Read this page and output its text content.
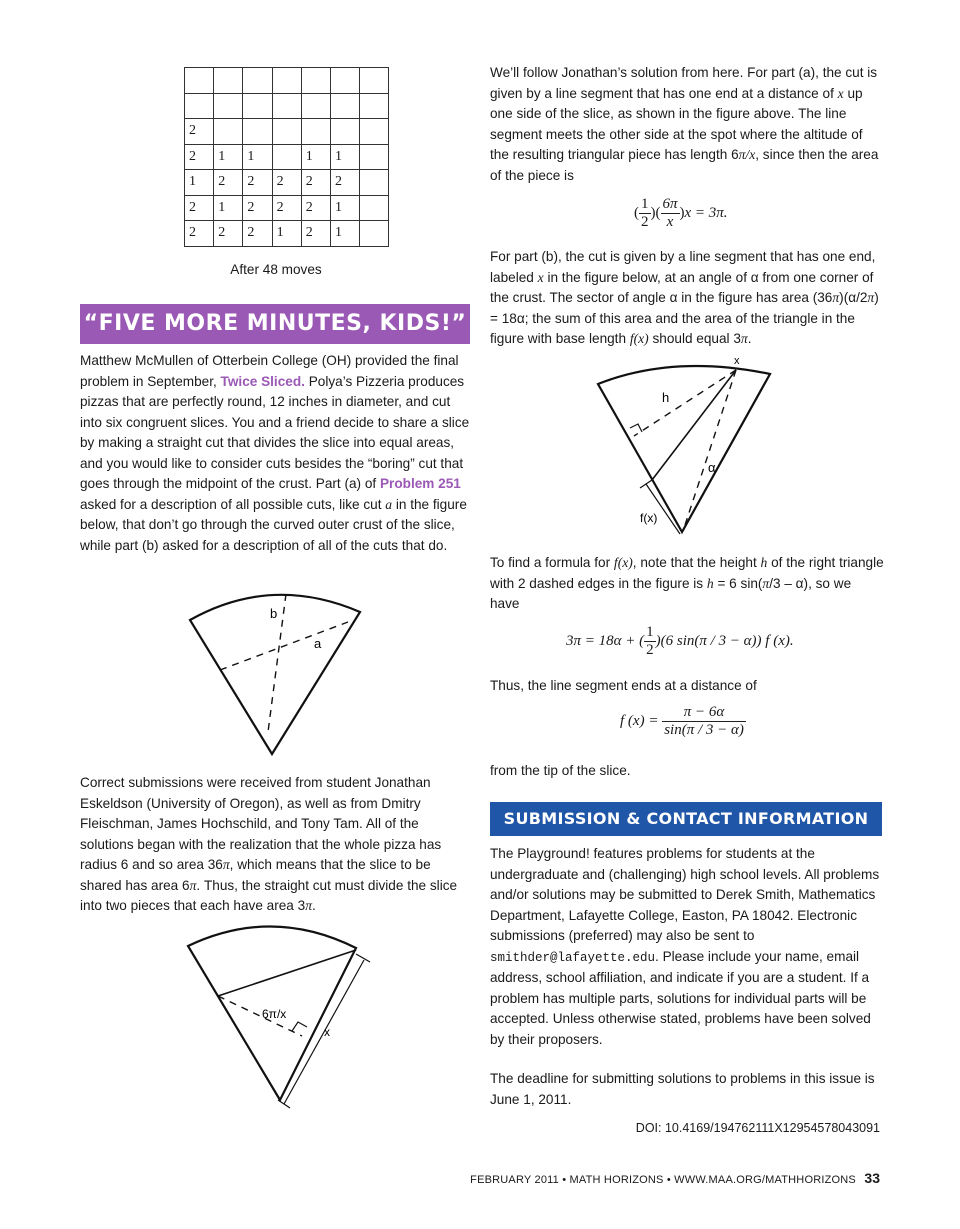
2						
2	1	1		1	1	
1	2	2	2	2	2	
2	1	2	2	2	1	
2	2	2	1	2	1	
After 48 moves
“FIVE MORE MINUTES, KIDS!”

Matthew McMullen of Otterbein College (OH) provided the final problem in September, Twice Sliced. Polya’s Pizzeria produces pizzas that are perfectly round, 12 inches in diameter, and cut into six congruent slices. You and a friend decide to share a slice by making a straight cut that divides the slice into equal areas, and you would like to consider cuts besides the “boring” cut that goes through the midpoint of the crust. Part (a) of Problem 251 asked for a description of all possible cuts, like cut a in the figure below, that don’t go through the curved outer crust of the slice, while part (b) asked for a description of all of the cuts that do.

b
a

Correct submissions were received from student Jonathan Eskeldson (University of Oregon), as well as from Dmitry Fleischman, James Hochschild, and Tony Tam. All of the solutions began with the realization that the whole pizza has radius 6 and so area 36π, which means that the slice to be shared has area 6π. Thus, the straight cut must divide the slice into two pieces that each have area 3π.

6π/x
x

We’ll follow Jonathan’s solution from here. For part (a), the cut is given by a line segment that has one end at a distance of x up one side of the slice, as shown in the figure above. The line segment meets the other side at the spot where the altitude of the resulting triangular piece has length 6π/x, since then the area of the piece is

( $\frac{1}{2}$ )( $\frac{6\pi}{x} )x = 3\pi$.

For part (b), the cut is given by a line segment that has one end, labeled x in the figure below, at an angle of α from one corner of the crust. The sector of angle α in the figure has area (36π)(α/2π) = 18α; the sum of this area and the area of the triangle in the figure with base length f(x) should equal 3π.

x
h
α
f(x)

To find a formula for f(x), note that the height h of the right triangle with 2 dashed edges in the figure is h = 6 sin(π/3 – α), so we have

3π = 18α + ( $\frac{1}{2} )(6$ sin(π / 3 − α)) f (x).

Thus, the line segment ends at a distance of

f $(x) = \frac{\pi - 6\alpha}{\sin(\pi / 3 - \alpha)}$

from the tip of the slice.

SUBMISSION & CONTACT INFORMATION

The Playground! features problems for students at the undergraduate and (challenging) high school levels. All problems and/or solutions may be submitted to Derek Smith, Mathematics Department, Lafayette College, Easton, PA 18042. Electronic submissions (preferred) may also be sent to smithder@lafayette.edu. Please include your name, email address, school affiliation, and indicate if you are a student. If a problem has multiple parts, solutions for individual parts will be accepted. Unless otherwise stated, problems have been solved by their proposers.

The deadline for submitting solutions to problems in this issue is June 1, 2011.

DOI: 10.4169/194762111X12954578043091
FEBRUARY 2011 • MATH HORIZONS • WWW.MAA.ORG/MATHHORIZONS 33
